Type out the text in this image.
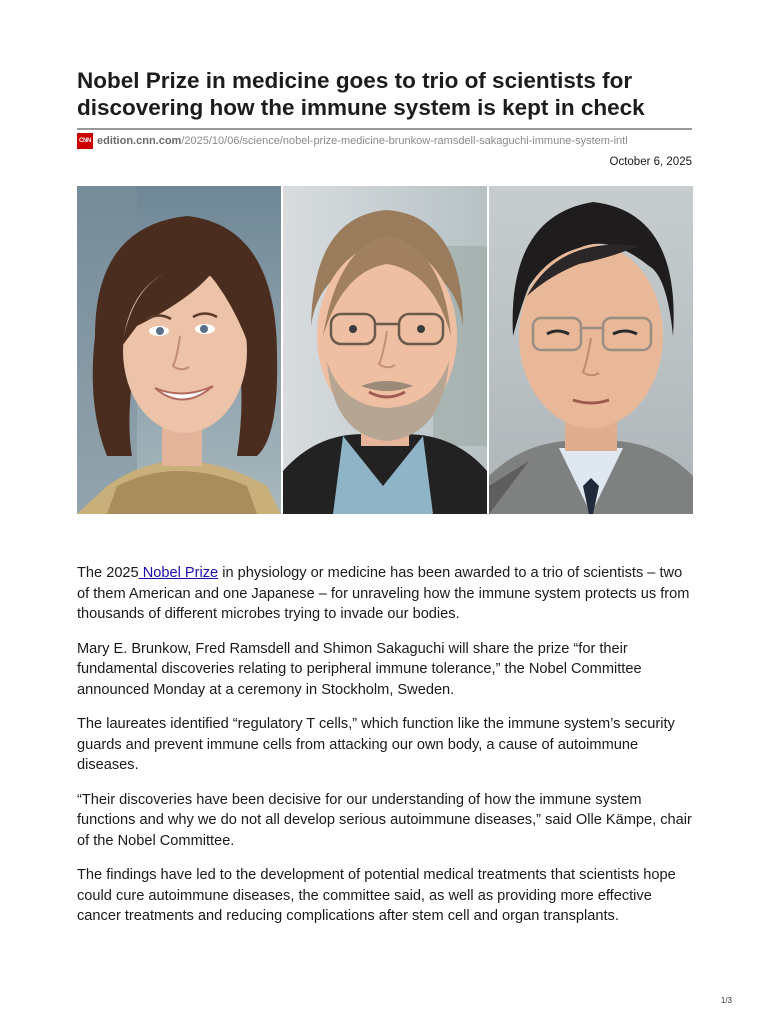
Nobel Prize in medicine goes to trio of scientists for discovering how the immune system is kept in check
CNN edition.cnn.com /2025/10/06/science/nobel-prize-medicine-brunkow-ramsdell-sakaguchi-immune-system-intl
October 6, 2025

The 2025 Nobel Prize in physiology or medicine has been awarded to a trio of scientists – two of them American and one Japanese – for unraveling how the immune system protects us from thousands of different microbes trying to invade our bodies.

Mary E. Brunkow, Fred Ramsdell and Shimon Sakaguchi will share the prize “for their fundamental discoveries relating to peripheral immune tolerance,” the Nobel Committee announced Monday at a ceremony in Stockholm, Sweden.

The laureates identified “regulatory T cells,” which function like the immune system’s security guards and prevent immune cells from attacking our own body, a cause of autoimmune diseases.

“Their discoveries have been decisive for our understanding of how the immune system functions and why we do not all develop serious autoimmune diseases,” said Olle Kämpe, chair of the Nobel Committee.

The findings have led to the development of potential medical treatments that scientists hope could cure autoimmune diseases, the committee said, as well as providing more effective cancer treatments and reducing complications after stem cell and organ transplants.

1/3
